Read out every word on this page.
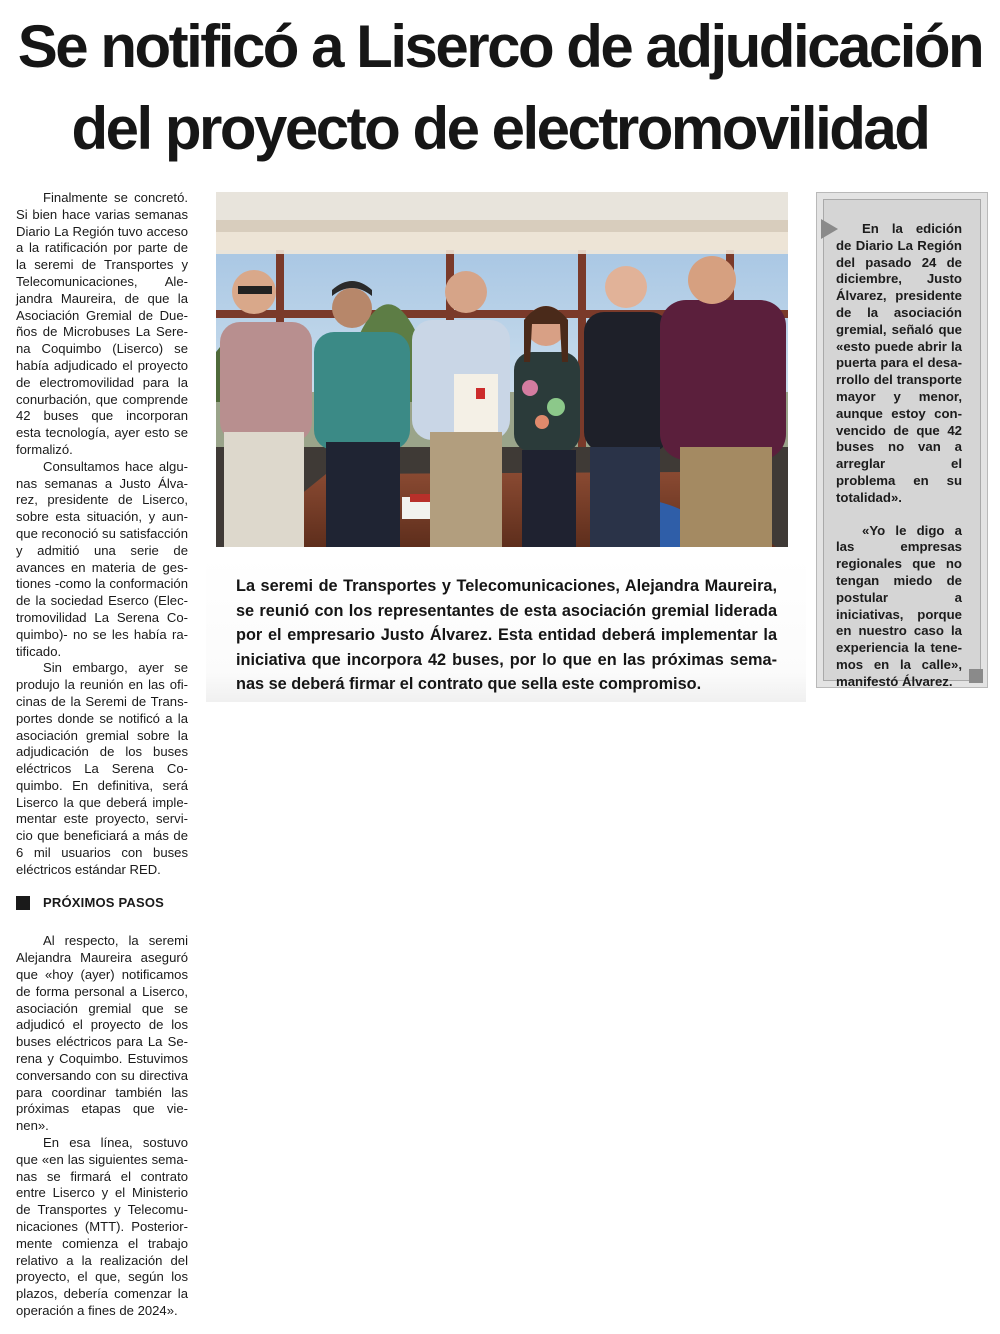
Se notificó a Liserco de adjudicación
del proyecto de electromovilidad

Finalmente se concretó. Si bien hace varias semanas Diario La Región tuvo acceso a la ratificación por parte de la seremi de Transportes y Telecomunicaciones, Alejandra Maureira, de que la Asociación Gremial de Dueños de Microbuses La Serena Coquimbo (Liserco) se había adjudicado el proyecto de electromovilidad para la conurbación, que comprende 42 buses que incorporan esta tecnología, ayer esto se formalizó.

Consultamos hace algunas semanas a Justo Álvarez, presidente de Liserco, sobre esta situación, y aunque reconoció su satisfacción y admitió una serie de avances en materia de gestiones -como la conformación de la sociedad Eserco (Electromovilidad La Serena Coquimbo)- no se les había ratificado.

Sin embargo, ayer se produjo la reunión en las oficinas de la Seremi de Transportes donde se notificó a la asociación gremial sobre la adjudicación de los buses eléctricos La Serena Coquimbo. En definitiva, será Liserco la que deberá implementar este proyecto, servicio que beneficiará a más de 6 mil usuarios con buses eléctricos estándar RED.

PRÓXIMOS PASOS

Al respecto, la seremi Alejandra Maureira aseguró que «hoy (ayer) notificamos de forma personal a Liserco, asociación gremial que se adjudicó el proyecto de los buses eléctricos para La Serena y Coquimbo. Estuvimos conversando con su directiva para coordinar también las próximas etapas que vienen».

En esa línea, sostuvo que «en las siguientes semanas se firmará el contrato entre Liserco y el Ministerio de Transportes y Telecomunicaciones (MTT). Posteriormente comienza el trabajo relativo a la realización del proyecto, el que, según los plazos, debería comenzar la operación a fines de 2024».

La seremi de Transportes y Telecomunicaciones, Alejandra Maureira, se reunió con los representantes de esta asociación gremial liderada por el empresario Justo Álvarez. Esta entidad deberá implementar la iniciativa que incorpora 42 buses, por lo que en las próximas semanas se deberá firmar el contrato que sella este compromiso.

En la edición de Diario La Región del pasado 24 de diciembre, Justo Álvarez, presidente de la asociación gremial, señaló que «esto puede abrir la puerta para el desarrollo del transporte mayor y menor, aunque estoy convencido de que 42 buses no van a arreglar el problema en su totalidad».

«Yo le digo a las empresas regionales que no tengan miedo de postular a iniciativas, porque en nuestro caso la experiencia la tenemos en la calle», manifestó Álvarez.
